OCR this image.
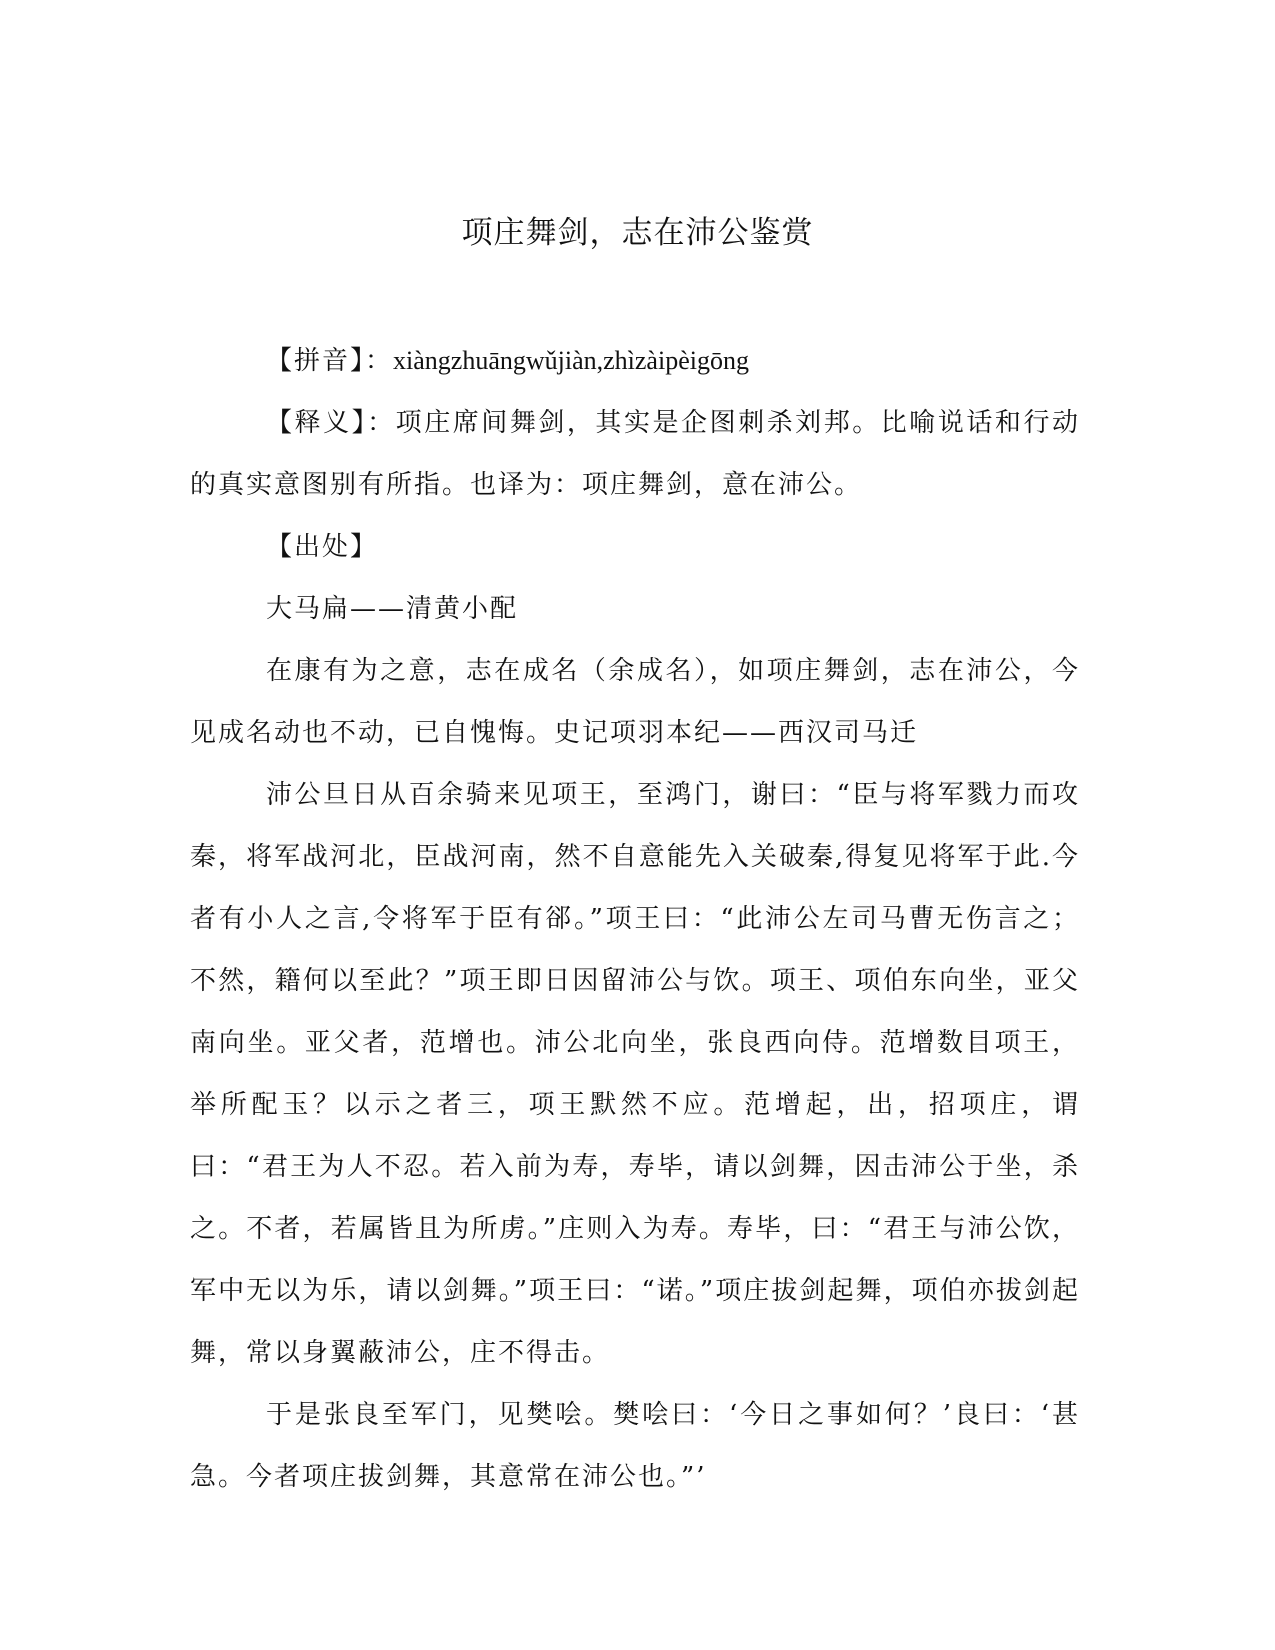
项庄舞剑，志在沛公鉴赏

【拼音】：xiàngzhuāngwǔjiàn,zhìzàipèigōng

【释义】：项庄席间舞剑，其实是企图刺杀刘邦。比喻说话和行动的真实意图别有所指。也译为：项庄舞剑，意在沛公。

【出处】

大马扁——清黄小配

在康有为之意，志在成名（余成名），如项庄舞剑，志在沛公，今见成名动也不动，已自愧悔。史记项羽本纪——西汉司马迁

沛公旦日从百余骑来见项王，至鸿门，谢曰：“臣与将军戮力而攻秦，将军战河北，臣战河南，然不自意能先入关破秦,得复见将军于此.今者有小人之言,令将军于臣有郤。”项王曰：“此沛公左司马曹无伤言之；不然，籍何以至此？”项王即日因留沛公与饮。项王、项伯东向坐，亚父南向坐。亚父者，范增也。沛公北向坐，张良西向侍。范增数目项王，举所配玉？以示之者三，项王默然不应。范增起，出，招项庄，谓曰：“君王为人不忍。若入前为寿，寿毕，请以剑舞，因击沛公于坐，杀之。不者，若属皆且为所虏。”庄则入为寿。寿毕，曰：“君王与沛公饮，军中无以为乐，请以剑舞。”项王曰：“诺。”项庄拔剑起舞，项伯亦拔剑起舞，常以身翼蔽沛公，庄不得击。

于是张良至军门，见樊哙。樊哙曰：‘今日之事如何？’良曰：‘甚急。今者项庄拔剑舞，其意常在沛公也。”’
